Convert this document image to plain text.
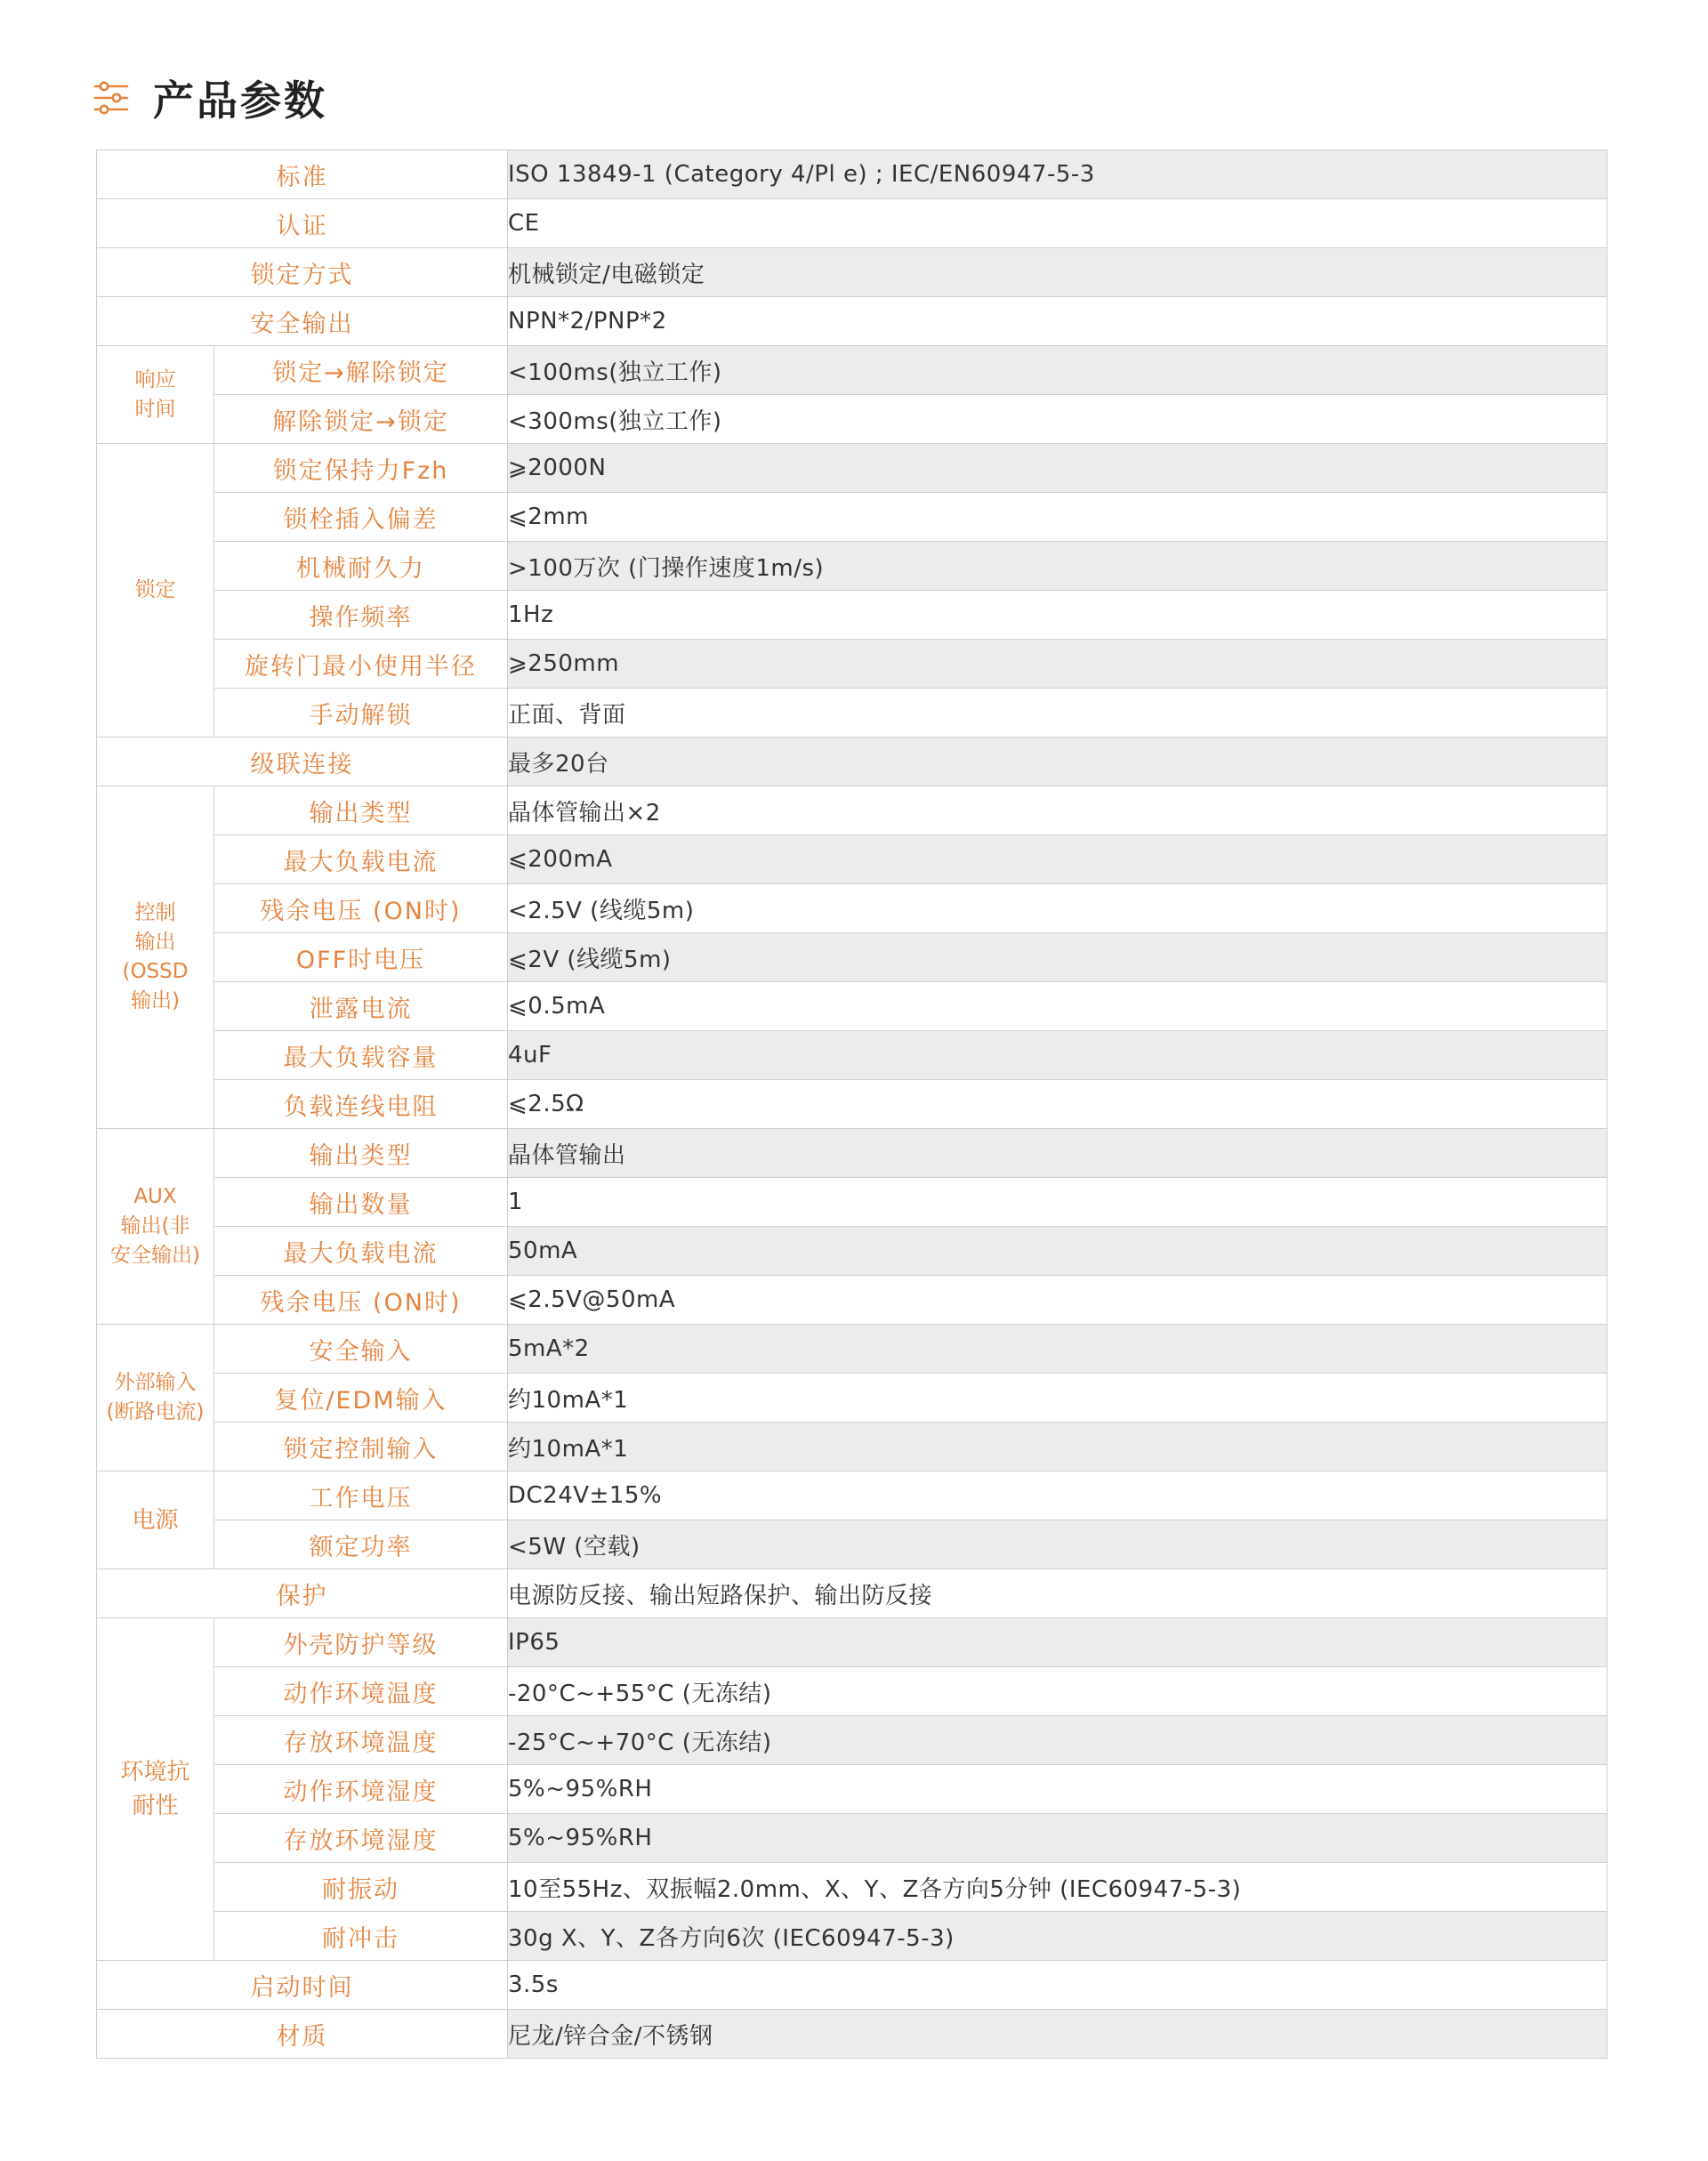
产品参数
标准		ISO 13849-1 (Category 4/Pl e) ; IEC/EN60947-5-3
认证		CE
锁定方式		机械锁定/电磁锁定
安全输出		NPN*2/PNP*2
响应
时间	锁定→解除锁定	<100ms(独立工作)
	解除锁定→锁定	<300ms(独立工作)
锁定	锁定保持力Fzh	⩾2000N
	锁栓插入偏差	⩽2mm
	机械耐久力	>100万次 (门操作速度1m/s)
	操作频率	1Hz
	旋转门最小使用半径	⩾250mm
	手动解锁	正面、背面
级联连接		最多20台
控制
输出
(OSSD
输出)	输出类型	晶体管输出×2
	最大负载电流	⩽200mA
	残余电压 (ON时)	<2.5V (线缆5m)
	OFF时电压	⩽2V (线缆5m)
	泄露电流	⩽0.5mA
	最大负载容量	4uF
	负载连线电阻	⩽2.5Ω
AUX
输出(非
安全输出)	输出类型	晶体管输出
	输出数量	1
	最大负载电流	50mA
	残余电压 (ON时)	⩽2.5V@50mA
外部输入
(断路电流)	安全输入	5mA*2
	复位/EDM输入	约10mA*1
	锁定控制输入	约10mA*1
电源	工作电压	DC24V±15%
	额定功率	<5W (空载)
保护		电源防反接、输出短路保护、输出防反接
环境抗
耐性	外壳防护等级	IP65
	动作环境温度	-20°C~+55°C (无冻结)
	存放环境温度	-25°C~+70°C (无冻结)
	动作环境湿度	5%~95%RH
	存放环境湿度	5%~95%RH
	耐振动	10至55Hz、双振幅2.0mm、X、Y、Z各方向5分钟 (IEC60947-5-3)
	耐冲击	30g X、Y、Z各方向6次 (IEC60947-5-3)
启动时间		3.5s
材质		尼龙/锌合金/不锈钢
